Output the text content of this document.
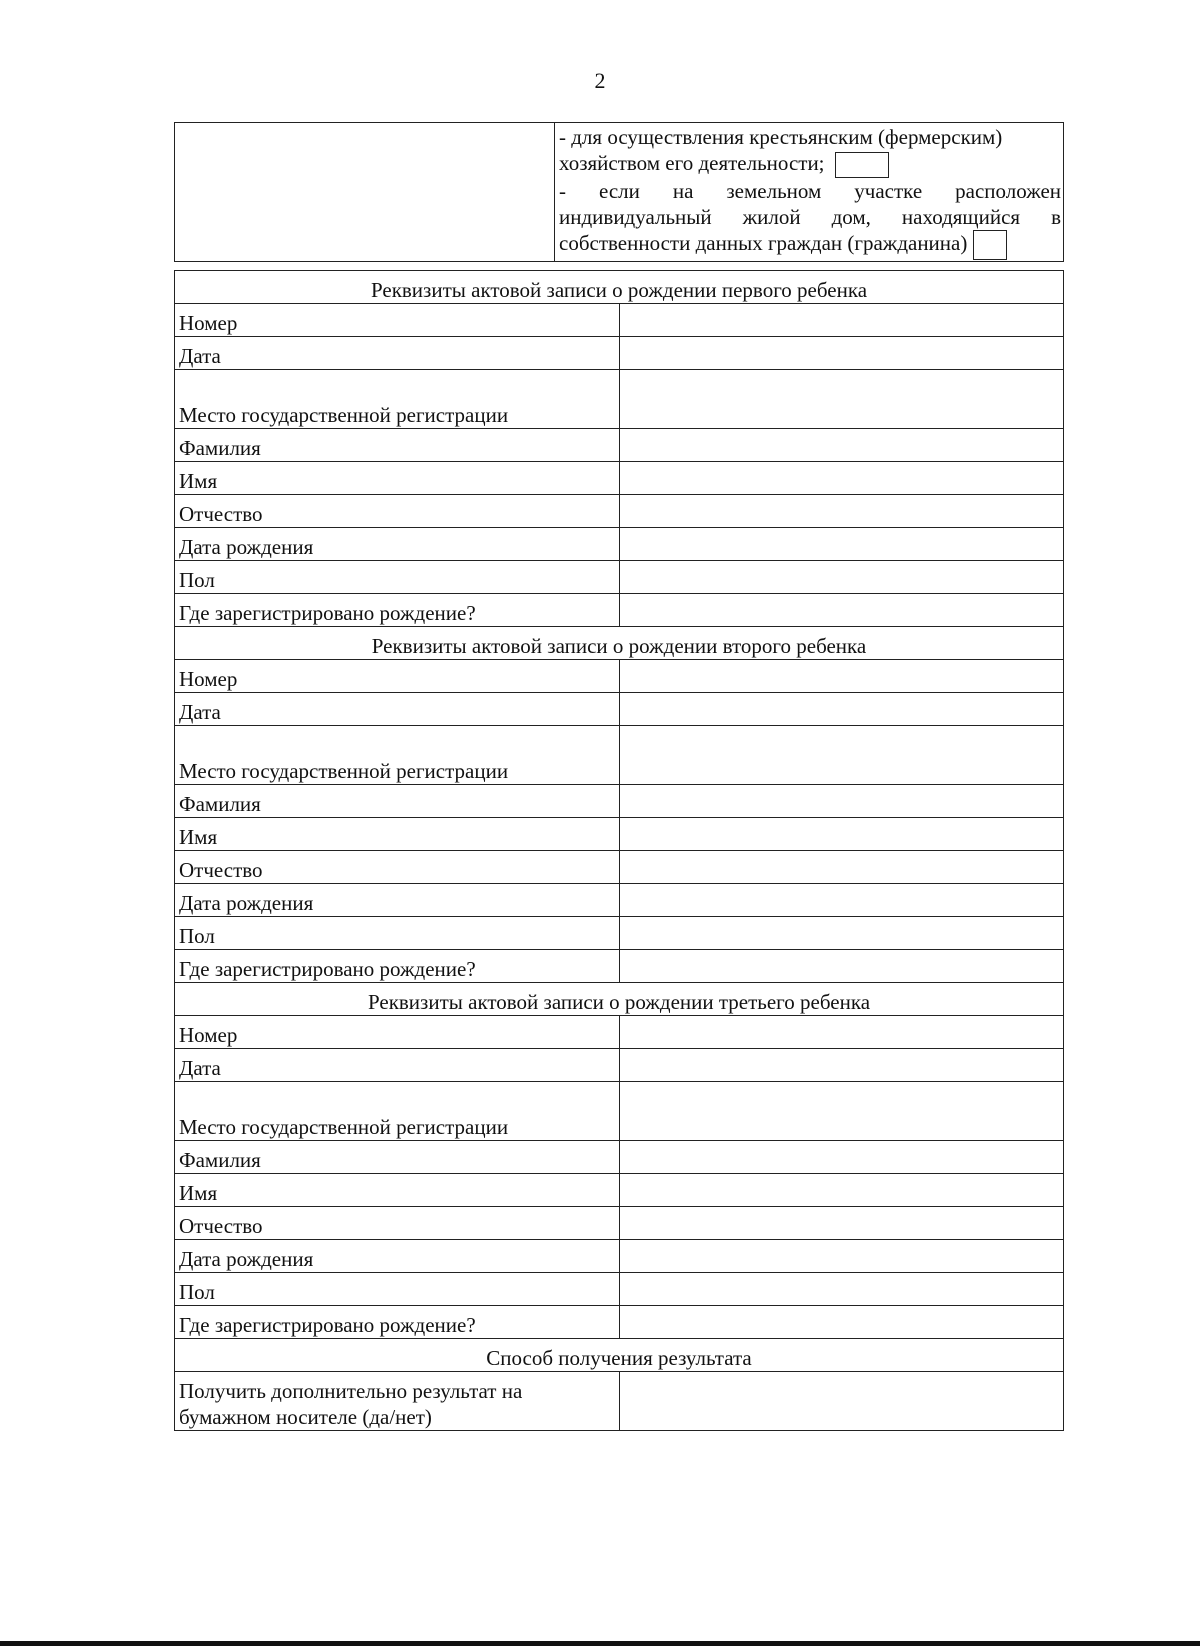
2

- для осуществления крестьянским (фермерским)
хозяйством его деятельности;
- если на земельном участке расположен
индивидуальный жилой дом, находящийся в
собственности данных граждан (гражданина)
Реквизиты актовой записи о рождении первого ребенка	
Номер	
Дата	
Место государственной регистрации	
Фамилия	
Имя	
Отчество	
Дата рождения	
Пол	
Где зарегистрировано рождение?	
Реквизиты актовой записи о рождении второго ребенка	
Номер	
Дата	
Место государственной регистрации	
Фамилия	
Имя	
Отчество	
Дата рождения	
Пол	
Где зарегистрировано рождение?	
Реквизиты актовой записи о рождении третьего ребенка	
Номер	
Дата	
Место государственной регистрации	
Фамилия	
Имя	
Отчество	
Дата рождения	
Пол	
Где зарегистрировано рождение?	
Способ получения результата	
Получить дополнительно результат на бумажном носителе (да/нет)	
